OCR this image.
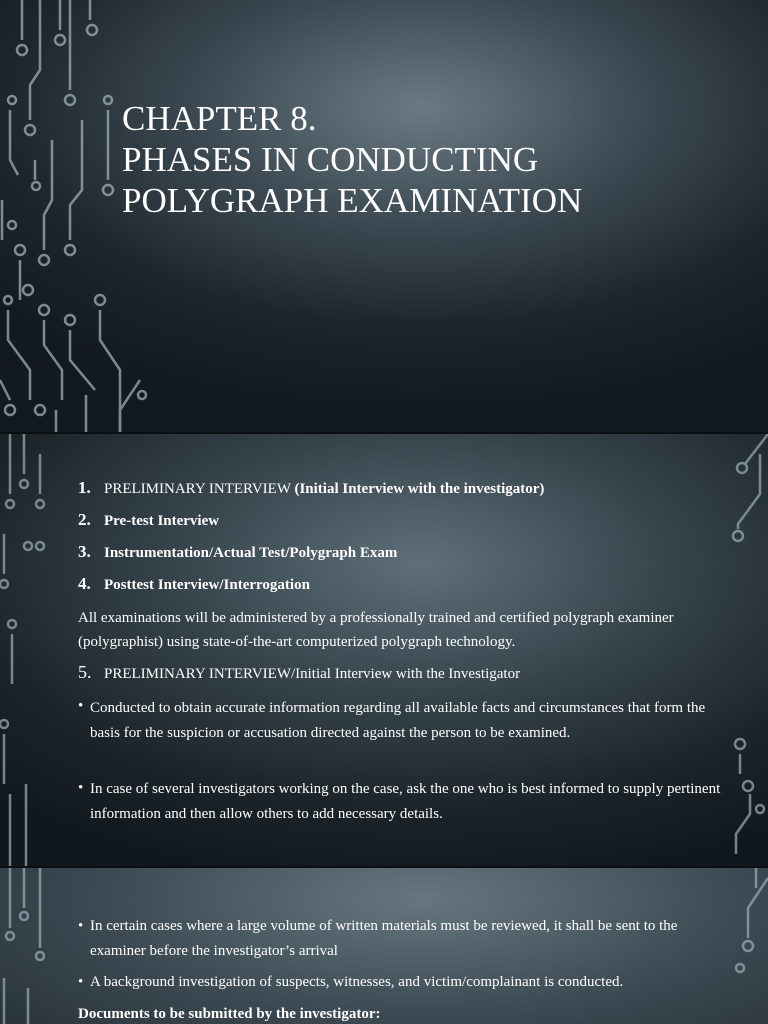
CHAPTER 8.
PHASES IN CONDUCTING
POLYGRAPH EXAMINATION
1. PRELIMINARY INTERVIEW (Initial Interview with the investigator)
2. Pre-test Interview
3. Instrumentation/Actual Test/Polygraph Exam
4. Posttest Interview/Interrogation
All examinations will be administered by a professionally trained and certified polygraph examiner (polygraphist) using state-of-the-art computerized polygraph technology.
5. PRELIMINARY INTERVIEW/Initial Interview with the Investigator
• Conducted to obtain accurate information regarding all available facts and circumstances that form the basis for the suspicion or accusation directed against the person to be examined.
• In case of several investigators working on the case, ask the one who is best informed to supply pertinent information and then allow others to add necessary details.
• In certain cases where a large volume of written materials must be reviewed, it shall be sent to the examiner before the investigator’s arrival
• A background investigation of suspects, witnesses, and victim/complainant is conducted.
Documents to be submitted by the investigator:
